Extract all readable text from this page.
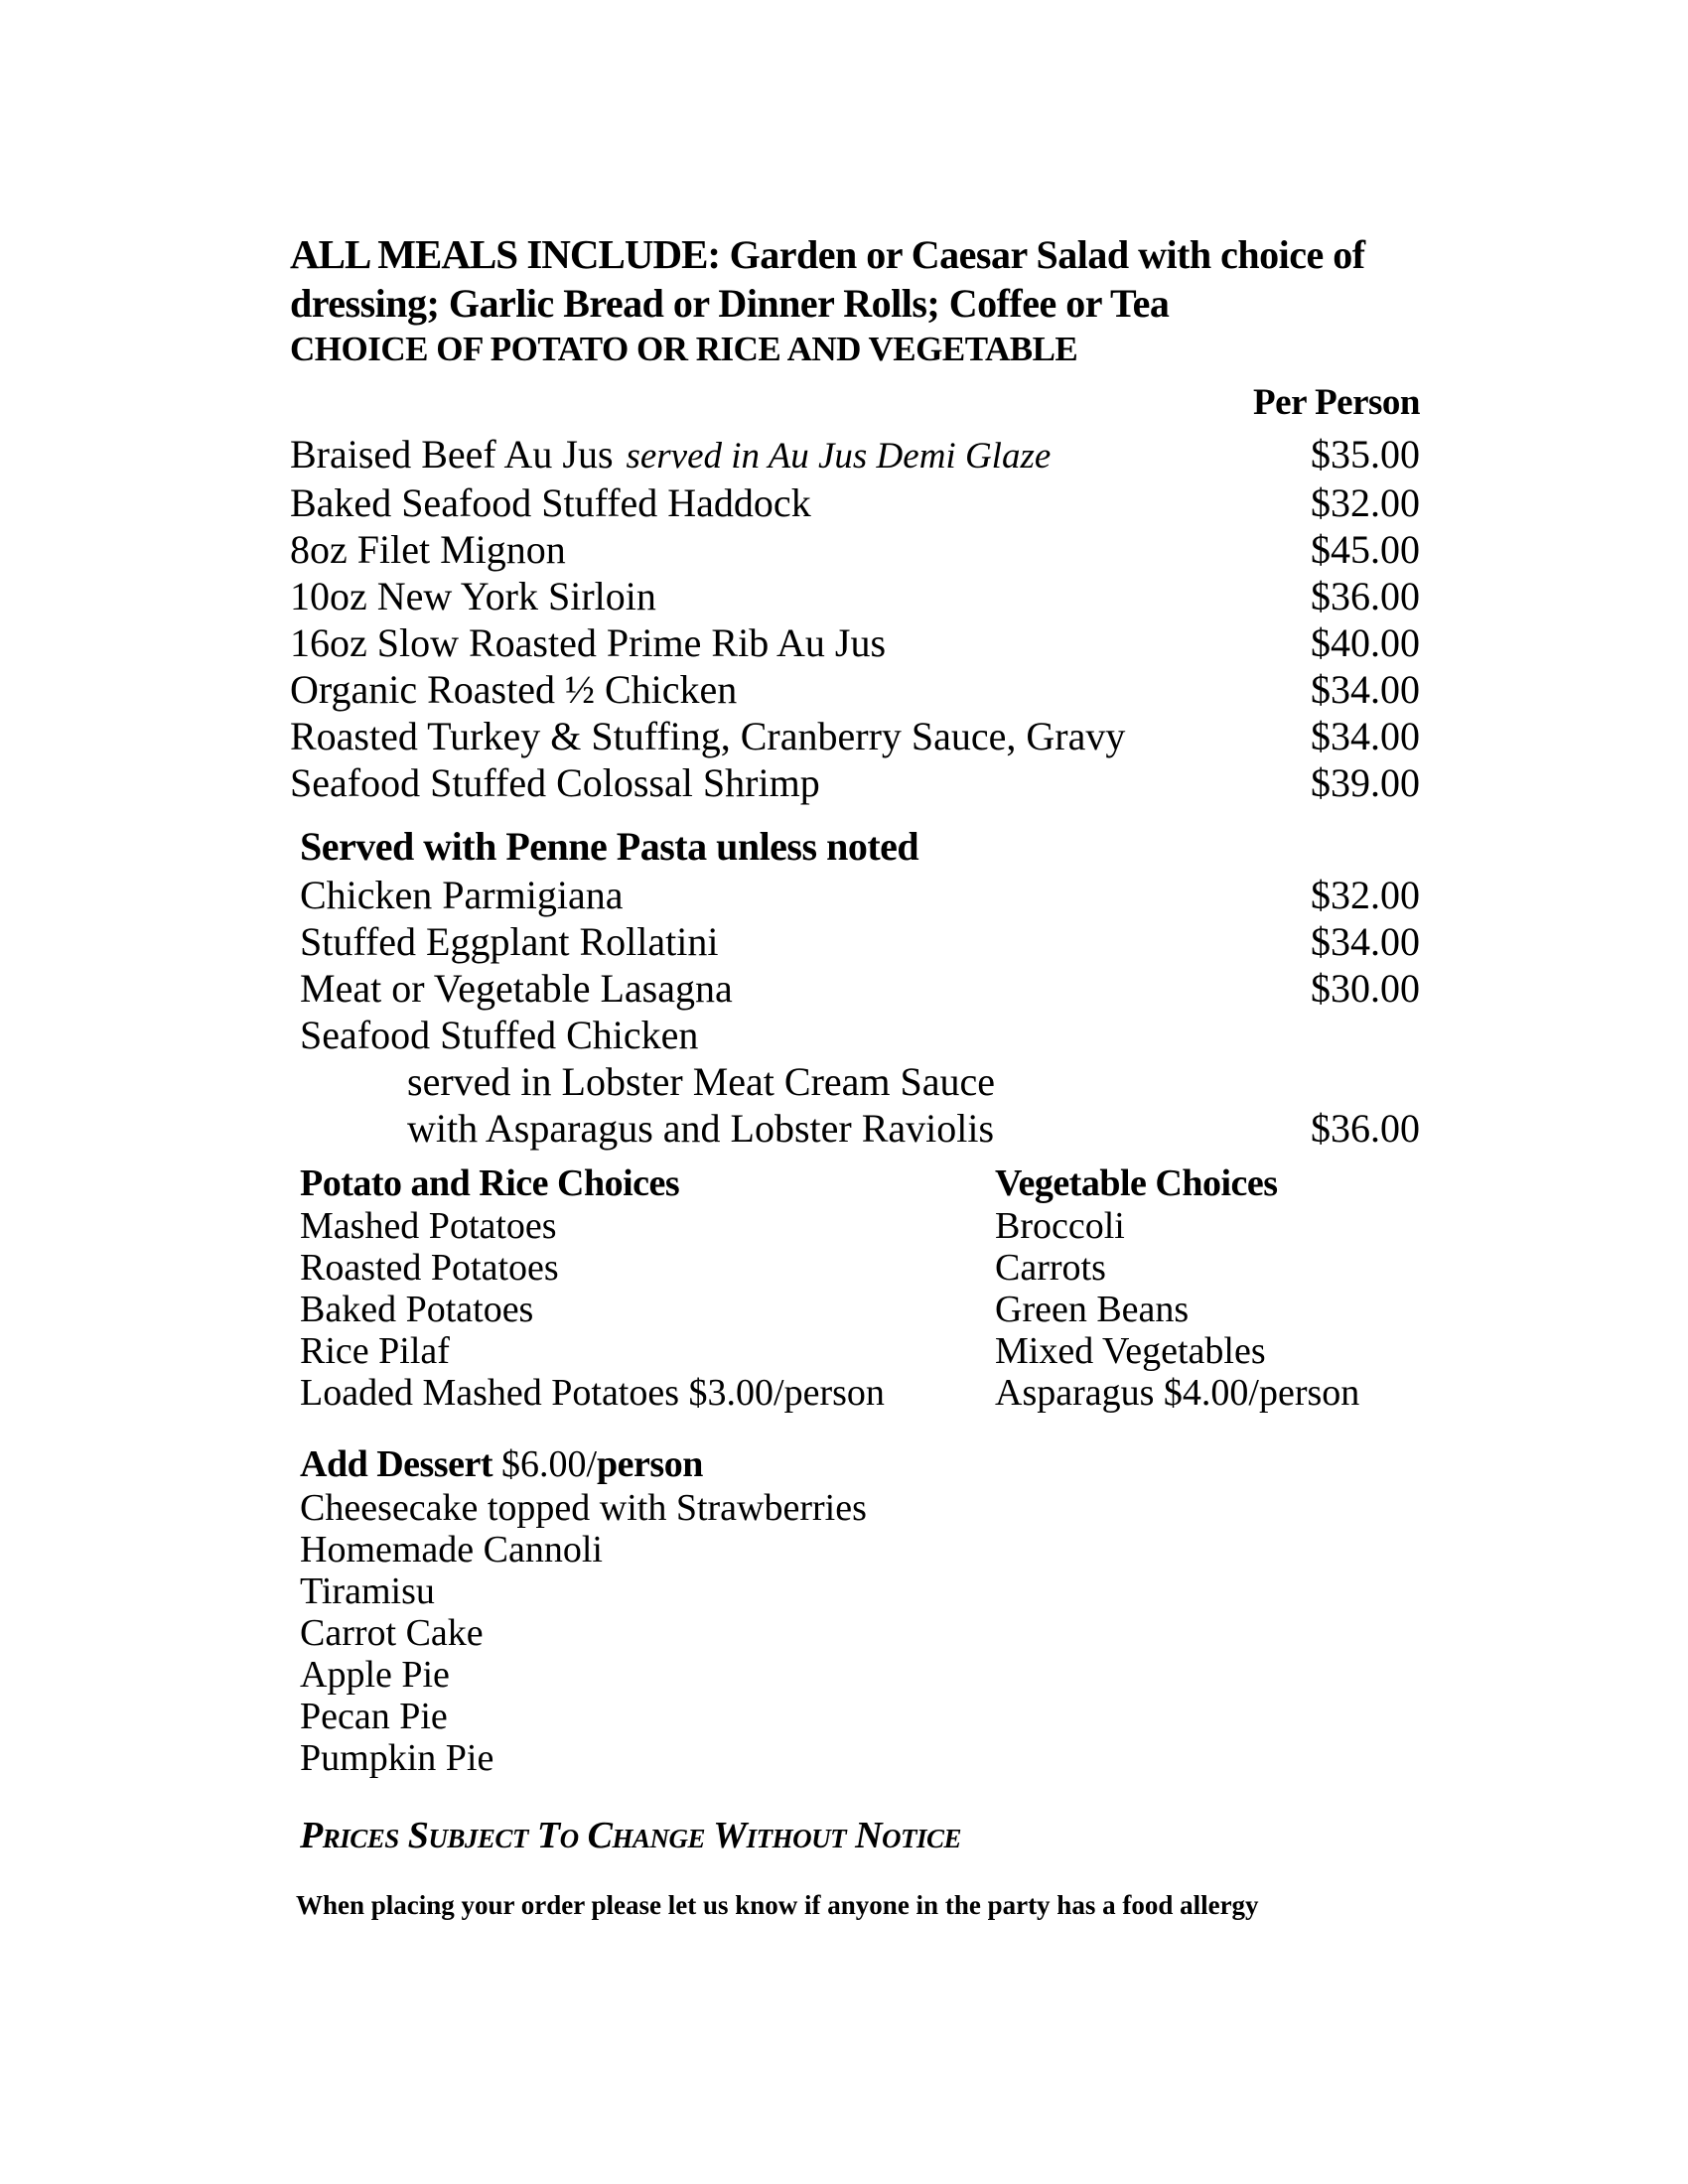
ALL MEALS INCLUDE: Garden or Caesar Salad with choice of
dressing; Garlic Bread or Dinner Rolls; Coffee or Tea
CHOICE OF POTATO OR RICE AND VEGETABLE
Per Person
Braised Beef Au Jus served in Au Jus Demi Glaze	$35.00
Baked Seafood Stuffed Haddock	$32.00
8oz Filet Mignon	$45.00
10oz New York Sirloin	$36.00
16oz Slow Roasted Prime Rib Au Jus	$40.00
Organic Roasted ½ Chicken	$34.00
Roasted Turkey & Stuffing, Cranberry Sauce, Gravy	$34.00
Seafood Stuffed Colossal Shrimp	$39.00
Served with Penne Pasta unless noted
Chicken Parmigiana	$32.00
Stuffed Eggplant Rollatini	$34.00
Meat or Vegetable Lasagna	$30.00
Seafood Stuffed Chicken
served in Lobster Meat Cream Sauce
with Asparagus and Lobster Raviolis	$36.00
Potato and Rice Choices
Mashed Potatoes
Roasted Potatoes
Baked Potatoes
Rice Pilaf
Loaded Mashed Potatoes $3.00/person
Vegetable Choices
Broccoli
Carrots
Green Beans
Mixed Vegetables
Asparagus $4.00/person
Add Dessert $6.00/person
Cheesecake topped with Strawberries
Homemade Cannoli
Tiramisu
Carrot Cake
Apple Pie
Pecan Pie
Pumpkin Pie
Prices Subject To Change Without Notice
When placing your order please let us know if anyone in the party has a food allergy
